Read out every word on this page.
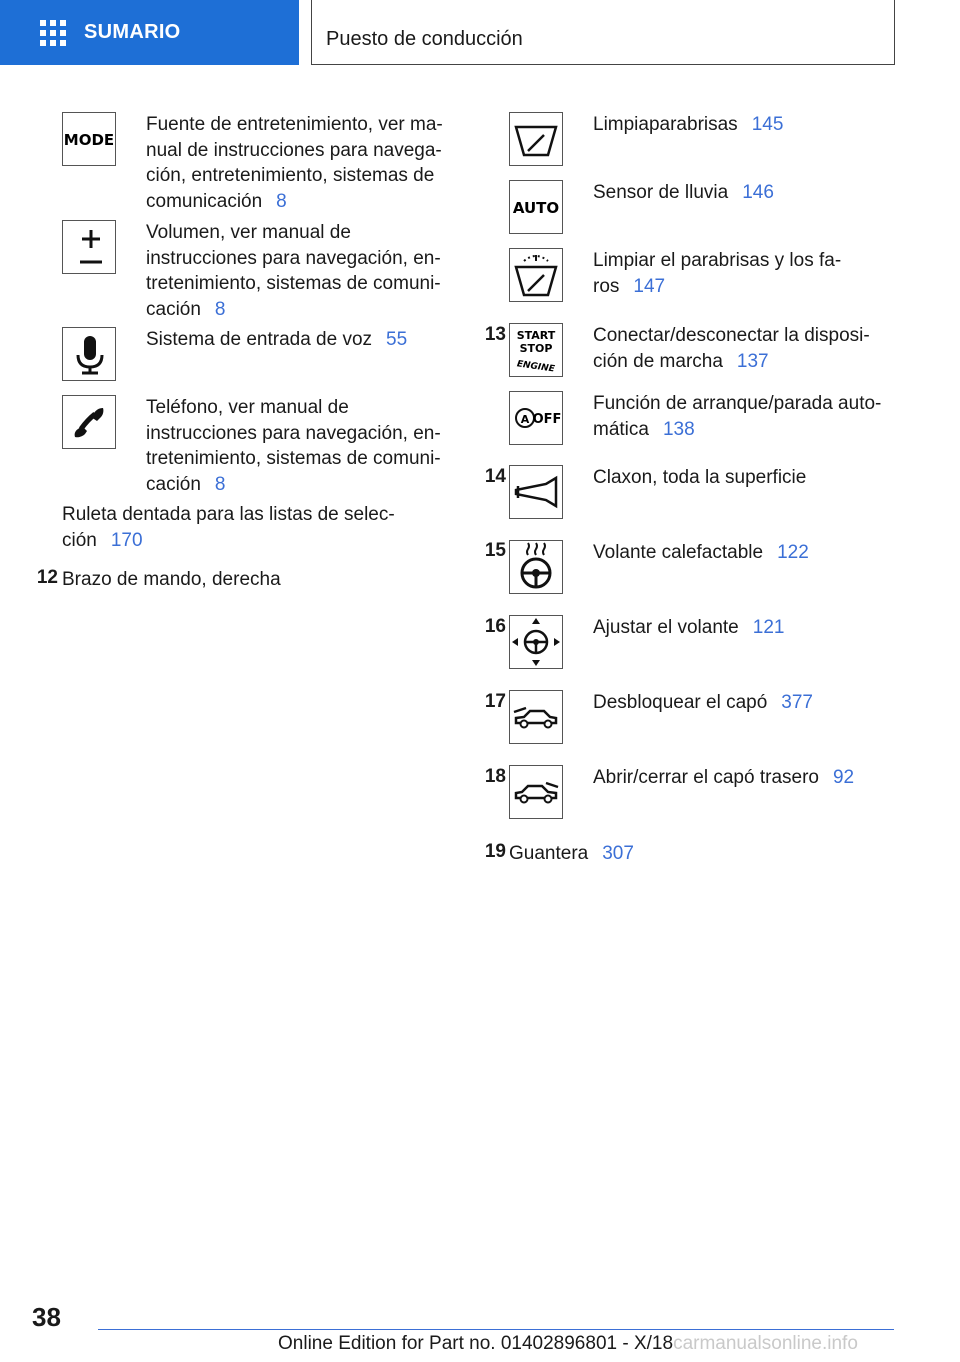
SUMARIO	Puesto de conducción
MODE
Fuente de entretenimiento, ver ma-
nual de instrucciones para navega-
ción, entretenimiento, sistemas de
comunicación 8
Volumen, ver manual de
instrucciones para navegación, en-
tretenimiento, sistemas de comuni-
cación 8
Sistema de entrada de voz 55
Teléfono, ver manual de
instrucciones para navegación, en-
tretenimiento, sistemas de comuni-
cación 8
Ruleta dentada para las listas de selec-
ción 170
12 Brazo de mando, derecha
Limpiaparabrisas 145
AUTO
Sensor de lluvia 146
Limpiar el parabrisas y los fa-
ros 147
13 START
STOP
ENGINE
Conectar/desconectar la disposi-
ción de marcha 137
A OFF
Función de arranque/parada auto-
mática 138
14	Claxon, toda la superficie
15	Volante calefactable 122
16	Ajustar el volante 121
17	Desbloquear el capó 377
18	Abrir/cerrar el capó trasero 92
19 Guantera 307
38
Online Edition for Part no. 01402896801 - X/18carmanualsonline.info
